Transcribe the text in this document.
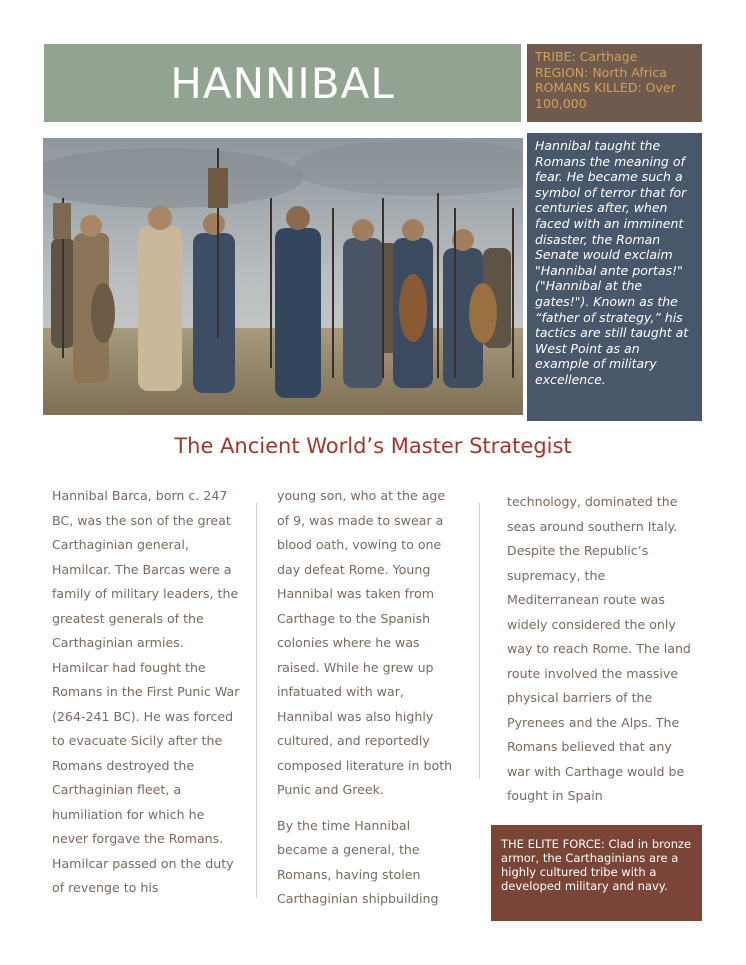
HANNIBAL
TRIBE: Carthage
REGION: North Africa
ROMANS KILLED: Over 100,000
Hannibal taught the Romans the meaning of fear. He became such a symbol of terror that for centuries after, when faced with an imminent disaster, the Roman Senate would exclaim "Hannibal ante portas!" ("Hannibal at the gates!"). Known as the “father of strategy,” his tactics are still taught at West Point as an example of military excellence.
The Ancient World’s Master Strategist

Hannibal Barca, born c. 247 BC, was the son of the great Carthaginian general, Hamilcar. The Barcas were a family of military leaders, the greatest generals of the Carthaginian armies. Hamilcar had fought the Romans in the First Punic War (264-241 BC). He was forced to evacuate Sicily after the Romans destroyed the Carthaginian fleet, a humiliation for which he never forgave the Romans. Hamilcar passed on the duty of revenge to his

young son, who at the age of 9, was made to swear a blood oath, vowing to one day defeat Rome. Young Hannibal was taken from Carthage to the Spanish colonies where he was raised. While he grew up infatuated with war, Hannibal was also highly cultured, and reportedly composed literature in both Punic and Greek.

By the time Hannibal became a general, the Romans, having stolen Carthaginian shipbuilding

technology, dominated the seas around southern Italy. Despite the Republic’s supremacy, the Mediterranean route was widely considered the only way to reach Rome. The land route involved the massive physical barriers of the Pyrenees and the Alps. The Romans believed that any war with Carthage would be fought in Spain

THE ELITE FORCE: Clad in bronze armor, the Carthaginians are a highly cultured tribe with a developed military and navy.
